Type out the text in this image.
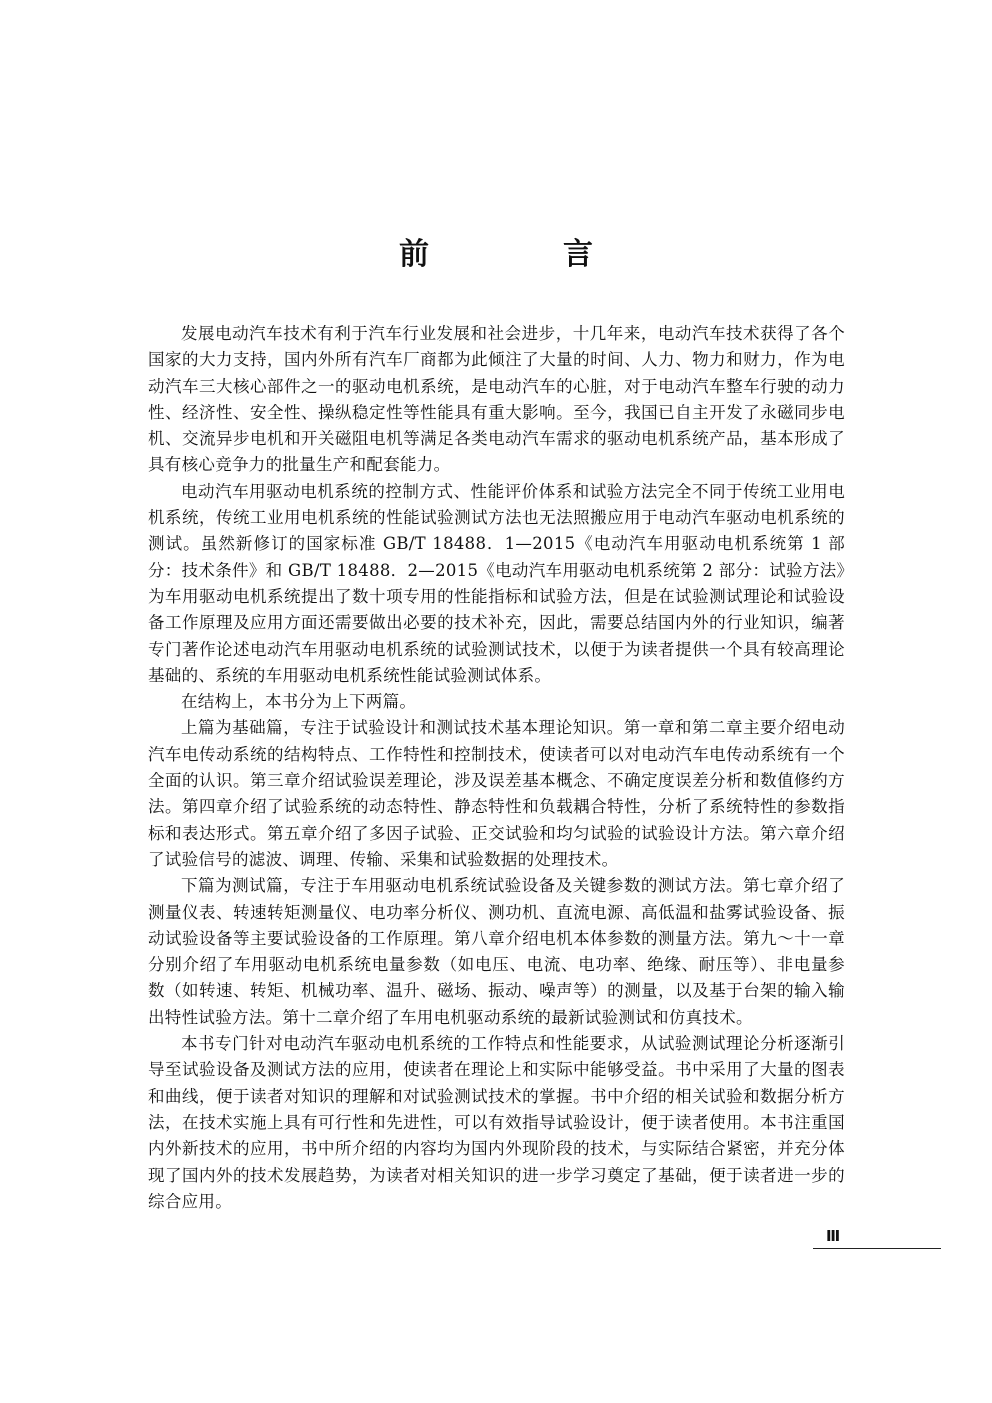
前　言

发展电动汽车技术有利于汽车行业发展和社会进步，十几年来，电动汽车技术获得了各个国家的大力支持，国内外所有汽车厂商都为此倾注了大量的时间、人力、物力和财力，作为电动汽车三大核心部件之一的驱动电机系统，是电动汽车的心脏，对于电动汽车整车行驶的动力性、经济性、安全性、操纵稳定性等性能具有重大影响。至今，我国已自主开发了永磁同步电机、交流异步电机和开关磁阻电机等满足各类电动汽车需求的驱动电机系统产品，基本形成了具有核心竞争力的批量生产和配套能力。

电动汽车用驱动电机系统的控制方式、性能评价体系和试验方法完全不同于传统工业用电机系统，传统工业用电机系统的性能试验测试方法也无法照搬应用于电动汽车驱动电机系统的测试。虽然新修订的国家标准 GB/T 18488．1—2015《电动汽车用驱动电机系统第 1 部分：技术条件》和 GB/T 18488．2—2015《电动汽车用驱动电机系统第 2 部分：试验方法》为车用驱动电机系统提出了数十项专用的性能指标和试验方法，但是在试验测试理论和试验设备工作原理及应用方面还需要做出必要的技术补充，因此，需要总结国内外的行业知识，编著专门著作论述电动汽车用驱动电机系统的试验测试技术，以便于为读者提供一个具有较高理论基础的、系统的车用驱动电机系统性能试验测试体系。

在结构上，本书分为上下两篇。

上篇为基础篇，专注于试验设计和测试技术基本理论知识。第一章和第二章主要介绍电动汽车电传动系统的结构特点、工作特性和控制技术，使读者可以对电动汽车电传动系统有一个全面的认识。第三章介绍试验误差理论，涉及误差基本概念、不确定度误差分析和数值修约方法。第四章介绍了试验系统的动态特性、静态特性和负载耦合特性，分析了系统特性的参数指标和表达形式。第五章介绍了多因子试验、正交试验和均匀试验的试验设计方法。第六章介绍了试验信号的滤波、调理、传输、采集和试验数据的处理技术。

下篇为测试篇，专注于车用驱动电机系统试验设备及关键参数的测试方法。第七章介绍了测量仪表、转速转矩测量仪、电功率分析仪、测功机、直流电源、高低温和盐雾试验设备、振动试验设备等主要试验设备的工作原理。第八章介绍电机本体参数的测量方法。第九～十一章分别介绍了车用驱动电机系统电量参数（如电压、电流、电功率、绝缘、耐压等）、非电量参数（如转速、转矩、机械功率、温升、磁场、振动、噪声等）的测量，以及基于台架的输入输出特性试验方法。第十二章介绍了车用电机驱动系统的最新试验测试和仿真技术。

本书专门针对电动汽车驱动电机系统的工作特点和性能要求，从试验测试理论分析逐渐引导至试验设备及测试方法的应用，使读者在理论上和实际中能够受益。书中采用了大量的图表和曲线，便于读者对知识的理解和对试验测试技术的掌握。书中介绍的相关试验和数据分析方法，在技术实施上具有可行性和先进性，可以有效指导试验设计，便于读者使用。本书注重国内外新技术的应用，书中所介绍的内容均为国内外现阶段的技术，与实际结合紧密，并充分体现了国内外的技术发展趋势，为读者对相关知识的进一步学习奠定了基础，便于读者进一步的综合应用。

Ⅲ
